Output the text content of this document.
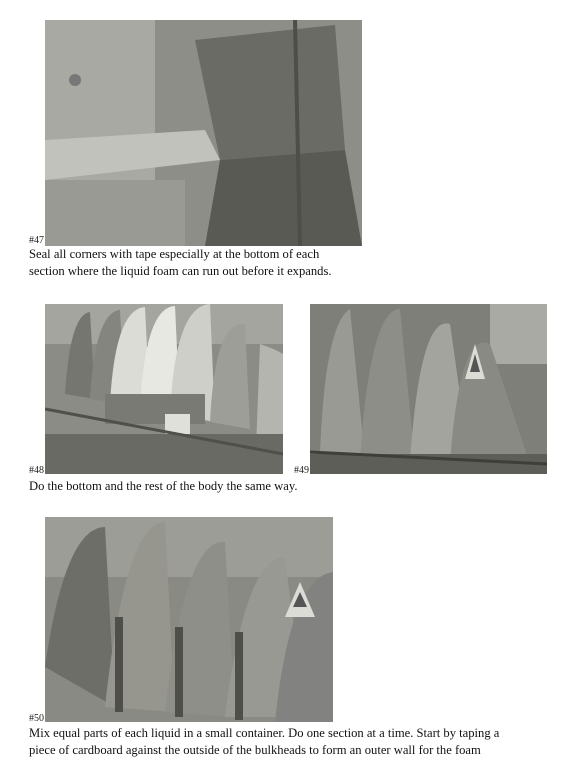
#47
Seal all corners with tape especially at the bottom of each
section where the liquid foam can run out before it expands.
#48	#49
Do the bottom and the rest of the body the same way.
#50
Mix equal parts of each liquid in a small container. Do one section at a time. Start by taping a
piece of cardboard against the outside of the bulkheads to form an outer wall for the foam
